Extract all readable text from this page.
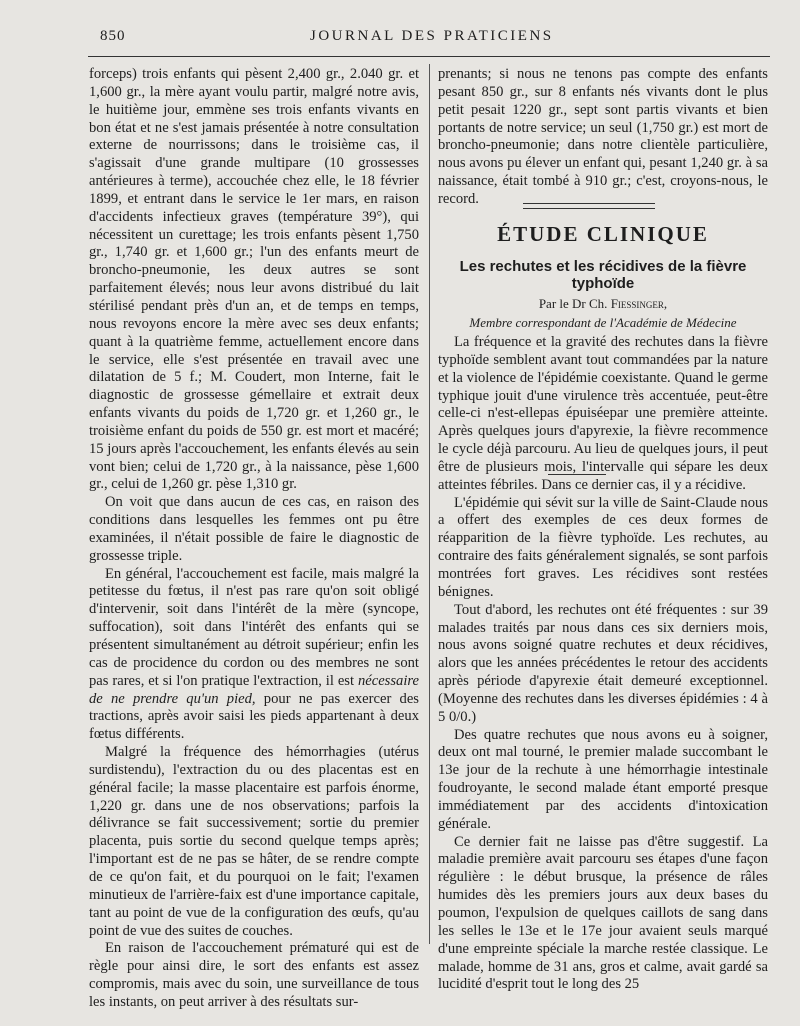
850	JOURNAL DES PRATICIENS

forceps) trois enfants qui pèsent 2,400 gr., 2.040 gr. et 1,600 gr., la mère ayant voulu partir, malgré notre avis, le huitième jour, emmène ses trois enfants vivants en bon état et ne s'est jamais présentée à notre consultation externe de nourrissons; dans le troisième cas, il s'agissait d'une grande multipare (10 grossesses antérieures à terme), accouchée chez elle, le 18 février 1899, et entrant dans le service le 1er mars, en raison d'accidents infectieux graves (température 39°), qui nécessitent un curettage; les trois enfants pèsent 1,750 gr., 1,740 gr. et 1,600 gr.; l'un des enfants meurt de broncho-pneumonie, les deux autres se sont parfaitement élevés; nous leur avons distribué du lait stérilisé pendant près d'un an, et de temps en temps, nous revoyons encore la mère avec ses deux enfants; quant à la quatrième femme, actuellement encore dans le service, elle s'est présentée en travail avec une dilatation de 5 f.; M. Coudert, mon Interne, fait le diagnostic de grossesse gémellaire et extrait deux enfants vivants du poids de 1,720 gr. et 1,260 gr., le troisième enfant du poids de 550 gr. est mort et macéré; 15 jours après l'accouchement, les enfants élevés au sein vont bien; celui de 1,720 gr., à la naissance, pèse 1,600 gr., celui de 1,260 gr. pèse 1,310 gr.

On voit que dans aucun de ces cas, en raison des conditions dans lesquelles les femmes ont pu être examinées, il n'était possible de faire le diagnostic de grossesse triple.

En général, l'accouchement est facile, mais malgré la petitesse du fœtus, il n'est pas rare qu'on soit obligé d'intervenir, soit dans l'intérêt de la mère (syncope, suffocation), soit dans l'intérêt des enfants qui se présentent simultanément au détroit supérieur; enfin les cas de procidence du cordon ou des membres ne sont pas rares, et si l'on pratique l'extraction, il est nécessaire de ne prendre qu'un pied, pour ne pas exercer des tractions, après avoir saisi les pieds appartenant à deux fœtus différents.

Malgré la fréquence des hémorrhagies (utérus surdistendu), l'extraction du ou des placentas est en général facile; la masse placentaire est parfois énorme, 1,220 gr. dans une de nos observations; parfois la délivrance se fait successivement; sortie du premier placenta, puis sortie du second quelque temps après; l'important est de ne pas se hâter, de se rendre compte de ce qu'on fait, et du pourquoi on le fait; l'examen minutieux de l'arrière-faix est d'une importance capitale, tant au point de vue de la configuration des œufs, qu'au point de vue des suites de couches.

En raison de l'accouchement prématuré qui est de règle pour ainsi dire, le sort des enfants est assez compromis, mais avec du soin, une surveillance de tous les instants, on peut arriver à des résultats sur-

prenants; si nous ne tenons pas compte des enfants pesant 850 gr., sur 8 enfants nés vivants dont le plus petit pesait 1220 gr., sept sont partis vivants et bien portants de notre service; un seul (1,750 gr.) est mort de broncho-pneumonie; dans notre clientèle particulière, nous avons pu élever un enfant qui, pesant 1,240 gr. à sa naissance, était tombé à 910 gr.; c'est, croyons-nous, le record.

ÉTUDE CLINIQUE
Les rechutes et les récidives de la fièvre
typhoïde
Par le Dr Ch. Fiessinger,
Membre correspondant de l'Académie de Médecine

La fréquence et la gravité des rechutes dans la fièvre typhoïde semblent avant tout commandées par la nature et la violence de l'épidémie coexistante. Quand le germe typhique jouit d'une virulence très accentuée, peut-être celle-ci n'est-ellepas épuiséepar une première atteinte. Après quelques jours d'apyrexie, la fièvre recommence le cycle déjà parcouru. Au lieu de quelques jours, il peut être de plusieurs mois, l'intervalle qui sépare les deux atteintes fébriles. Dans ce dernier cas, il y a récidive.

L'épidémie qui sévit sur la ville de Saint-Claude nous a offert des exemples de ces deux formes de réapparition de la fièvre typhoïde. Les rechutes, au contraire des faits généralement signalés, se sont parfois montrées fort graves. Les récidives sont restées bénignes.

Tout d'abord, les rechutes ont été fréquentes : sur 39 malades traités par nous dans ces six derniers mois, nous avons soigné quatre rechutes et deux récidives, alors que les années précédentes le retour des accidents après période d'apyrexie était demeuré exceptionnel. (Moyenne des rechutes dans les diverses épidémies : 4 à 5 0/0.)

Des quatre rechutes que nous avons eu à soigner, deux ont mal tourné, le premier malade succombant le 13e jour de la rechute à une hémorrhagie intestinale foudroyante, le second malade étant emporté presque immédiatement par des accidents d'intoxication générale.

Ce dernier fait ne laisse pas d'être suggestif. La maladie première avait parcouru ses étapes d'une façon régulière : le début brusque, la présence de râles humides dès les premiers jours aux deux bases du poumon, l'expulsion de quelques caillots de sang dans les selles le 13e et le 17e jour avaient seuls marqué d'une empreinte spéciale la marche restée classique. Le malade, homme de 31 ans, gros et calme, avait gardé sa lucidité d'esprit tout le long des 25
